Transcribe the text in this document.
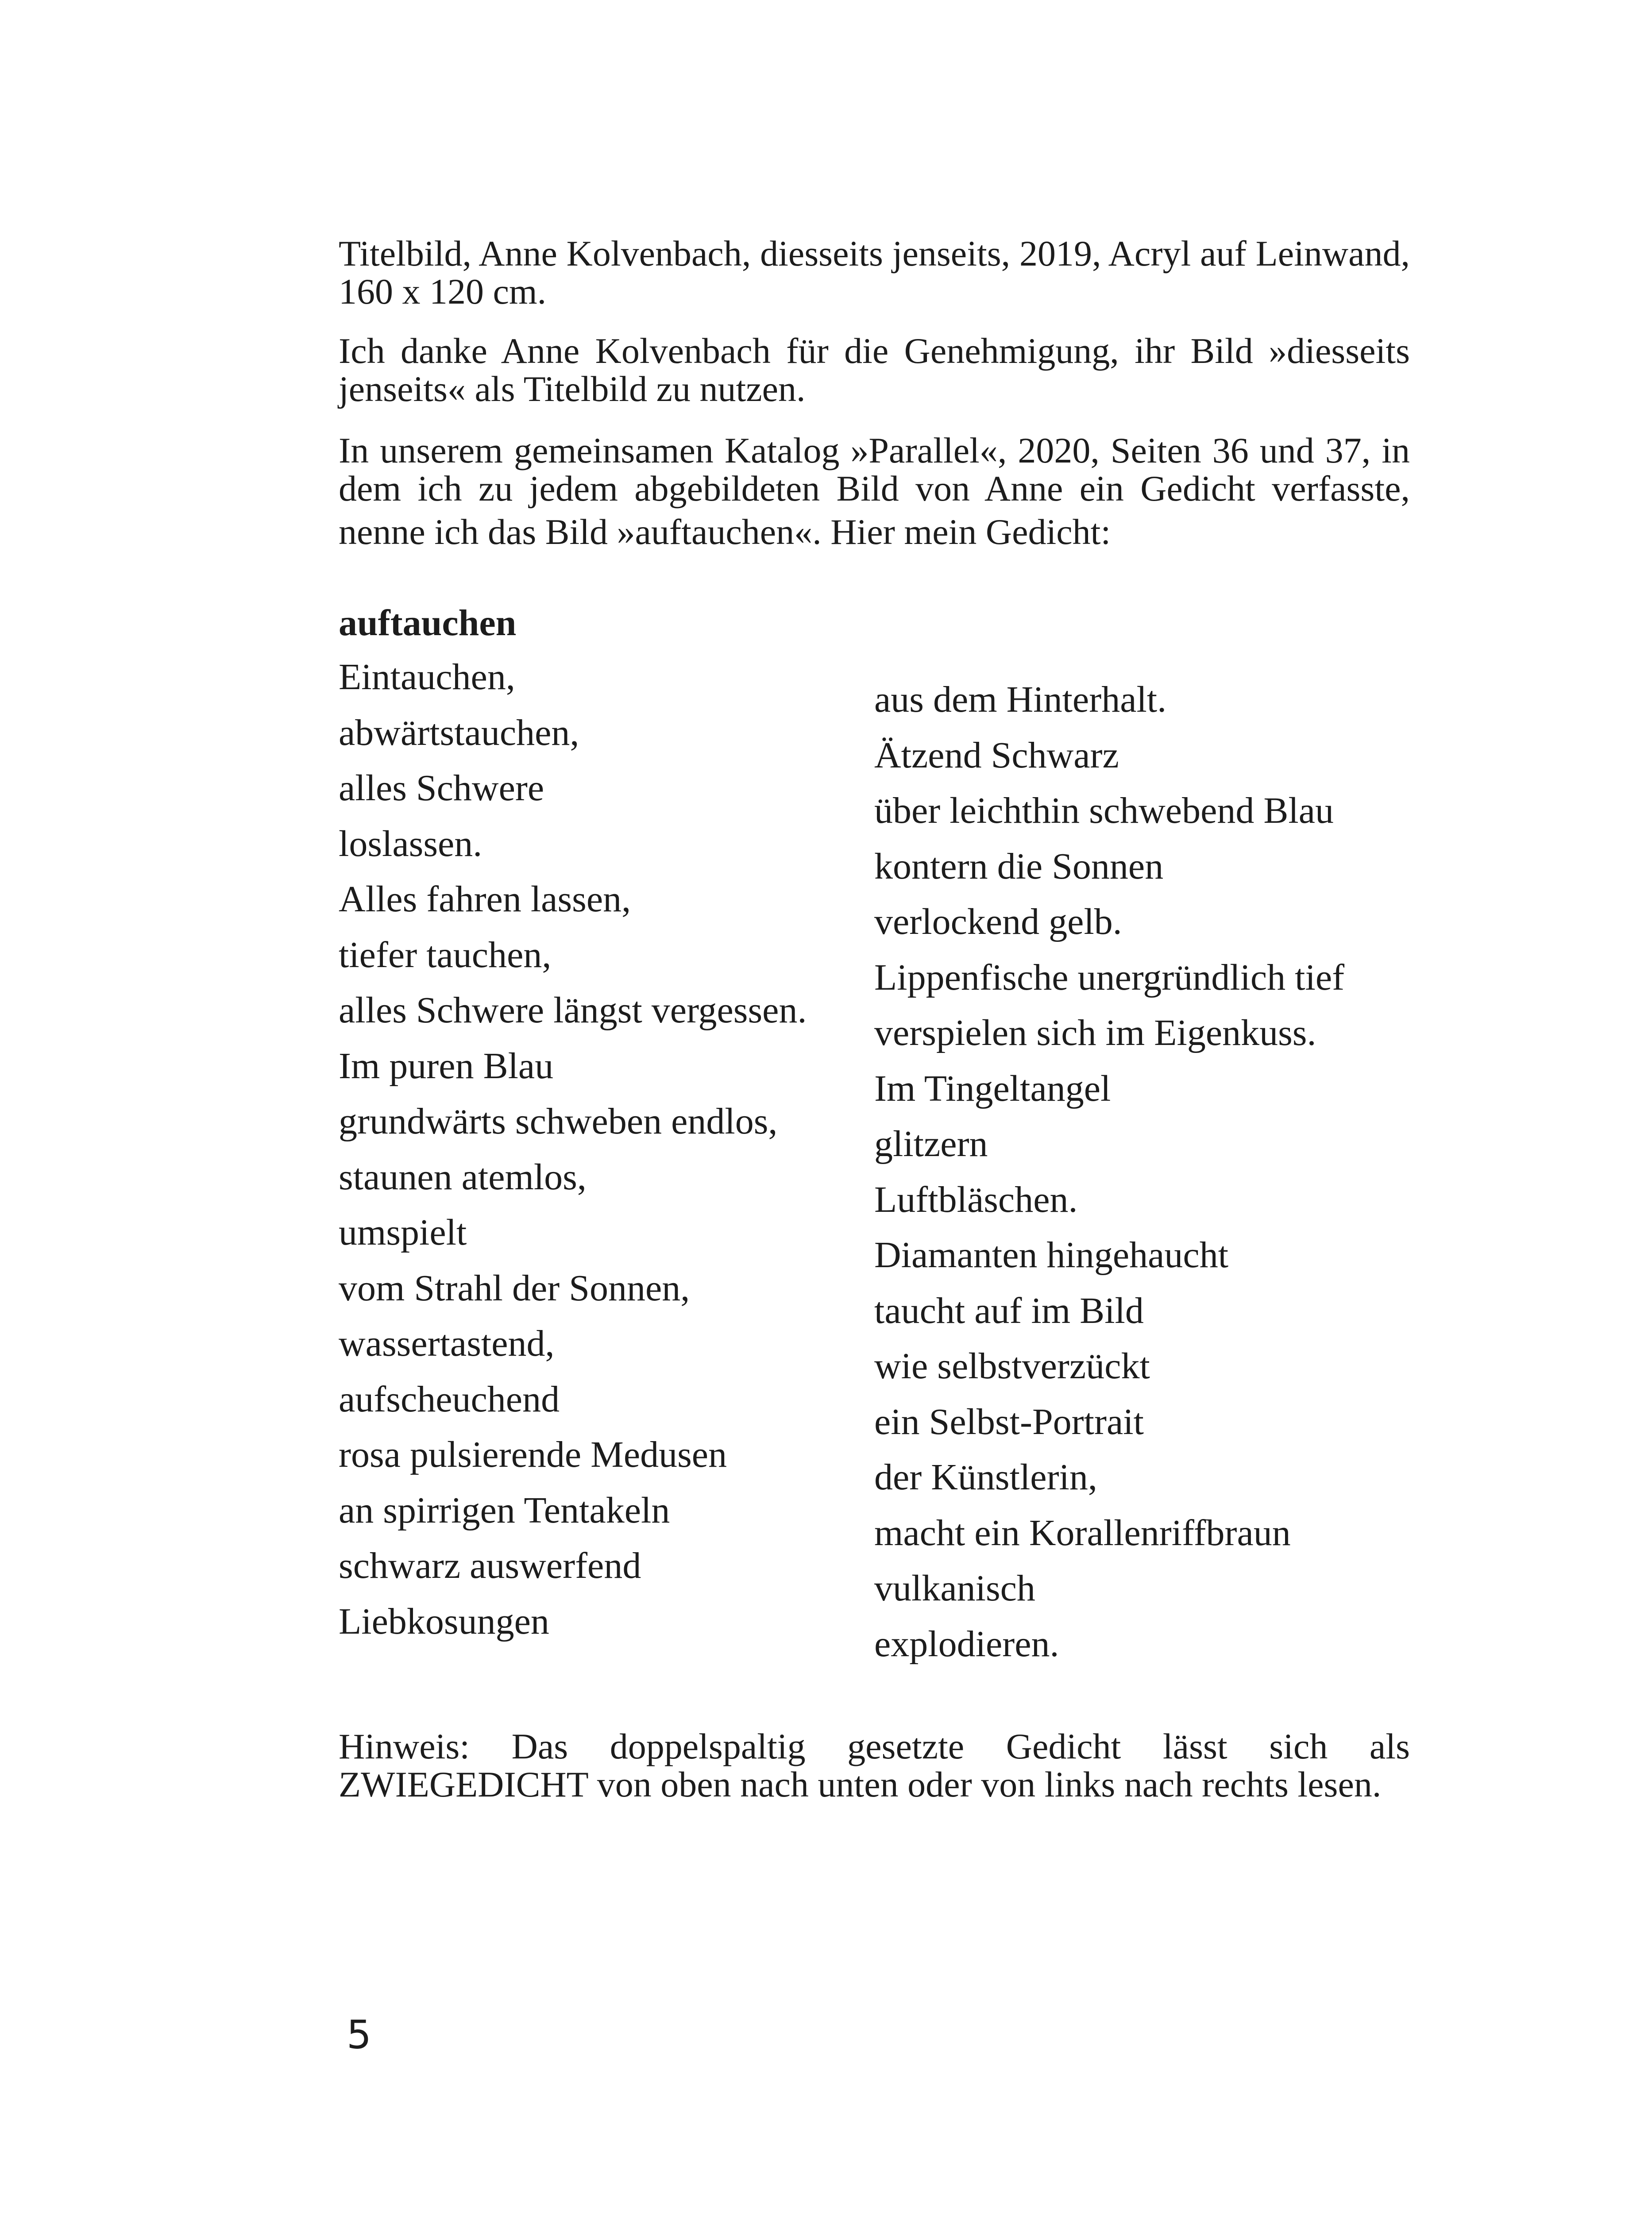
Titelbild, Anne Kolvenbach, diesseits jenseits, 2019, Acryl auf Leinwand,
160 x 120 cm.

Ich danke Anne Kolvenbach für die Genehmigung, ihr Bild »diesseits
jenseits« als Titelbild zu nutzen.

In unserem gemeinsamen Katalog »Parallel«, 2020, Seiten 36 und 37, in
dem ich zu jedem abgebildeten Bild von Anne ein Gedicht verfasste,
nenne ich das Bild »auftauchen«. Hier mein Gedicht:

auftauchen
Eintauchen,
abwärtstauchen,
alles Schwere
loslassen.
Alles fahren lassen,
tiefer tauchen,
alles Schwere längst vergessen.
Im puren Blau
grundwärts schweben endlos,
staunen atemlos,
umspielt
vom Strahl der Sonnen,
wassertastend,
aufscheuchend
rosa pulsierende Medusen
an spirrigen Tentakeln
schwarz auswerfend
Liebkosungen
aus dem Hinterhalt.
Ätzend Schwarz
über leichthin schwebend Blau
kontern die Sonnen
verlockend gelb.
Lippenfische unergründlich tief
verspielen sich im Eigenkuss.
Im Tingeltangel
glitzern
Luftbläschen.
Diamanten hingehaucht
taucht auf im Bild
wie selbstverzückt
ein Selbst-Portrait
der Künstlerin,
macht ein Korallenriffbraun
vulkanisch
explodieren.

Hinweis: Das doppelspaltig gesetzte Gedicht lässt sich als
ZWIEGEDICHT von oben nach unten oder von links nach rechts lesen.

5
